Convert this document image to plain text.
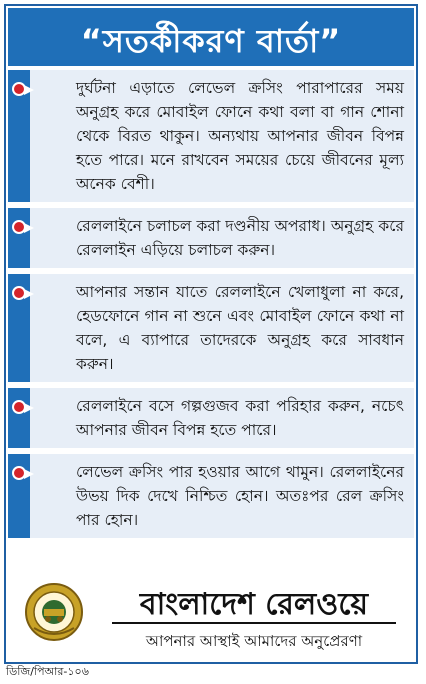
“সতর্কীকরণ বার্তা”
দুর্ঘটনা এড়াতে লেভেল ক্রসিং পারাপারের সময় অনুগ্রহ করে মোবাইল ফোনে কথা বলা বা গান শোনা থেকে বিরত থাকুন। অন্যথায় আপনার জীবন বিপন্ন হতে পারে। মনে রাখবেন সময়ের চেয়ে জীবনের মূল্য অনেক বেশী।
রেললাইনে চলাচল করা দণ্ডনীয় অপরাধ। অনুগ্রহ করে রেললাইন এড়িয়ে চলাচল করুন।
আপনার সন্তান যাতে রেললাইনে খেলাধুলা না করে, হেডফোনে গান না শুনে এবং মোবাইল ফোনে কথা না বলে, এ ব্যাপারে তাদেরকে অনুগ্রহ করে সাবধান করুন।
রেললাইনে বসে গল্পগুজব করা পরিহার করুন, নচেৎ আপনার জীবন বিপন্ন হতে পারে।
লেভেল ক্রসিং পার হওয়ার আগে থামুন। রেললাইনের উভয় দিক দেখে নিশ্চিত হোন। অতঃপর রেল ক্রসিং পার হোন।
বাংলাদেশ রেলওয়ে
আপনার আস্থাই আমাদের অনুপ্রেরণা
ডিজি/পিআর-১০৬
